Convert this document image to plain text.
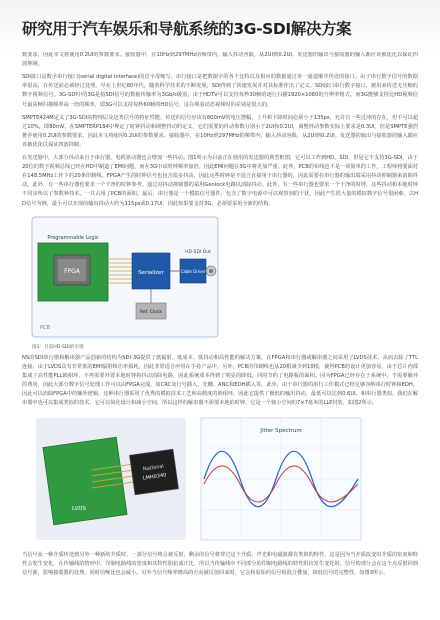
研究用于汽车娱乐和导航系统的3G-SDI解决方案

数要求，因此本文将使用0.2UI的参数要求。接收器中，在10Hz到297MHz的频带内，输入抖动容限，从2UI到0.2UI。发送器的输出与接收器的输入都应该被优化以保证四波抑制。

SDI接口是数字串行接口(serial digital interface)的首字母缩写。串行接口是把数据字的各个比特以及相应的数据通过单一通道顺序传送的接口。由于串行数字信号的数据率很高，在传送前必须经过处理。早在上世纪80年代，随着科学技术的不断发展，SDI得到了快速发展并对其标准作出了定义。SDI接口串行数字接口，被用来传送无压缩的数字视频信号。3G-SDI中的3G是指SDI信号的数据传输率为3Gb/s级别，由于HDTV可以支持每秒30帧的逐行扫描1920×1080的分辨率格式，而3G能够支持比HD视频信号最高帧扫描频率高一倍的频率，即3G可以支持每秒60帧的HD信号，这在观看动态视频时的差别是很大的。

SMPTE424M定义了3G-SDI的物理层及这类信号的特征性能。传送的信号应该有800mV的电压摆幅，上升和下降时间必须小于135ps，允许有一些过冲的存在，但不可以超过10%，即80mV。在SMPTERP184中规定了时钟抖动和调整抖动的定义，它们需要的抖动参数分别小于2UI和0.2UI，调整抖动参数实际上要求是0.3UI，但是SMPTE强烈推荐使用0.2UI的参数要求，因此本文将使用0.2UI的参数要求。接收器中，在10Hz到297MHz的频带内，输入抖动容限，从2UI到0.2UI。发送器的输出与接收器的输入都应该被优化以保证四波抑制。

在发送器中，大部分抖动来自于串行器，电缆驱动器也会增加一些抖动。图1所示为目前正在使用的发送器的典型框图，它可以工作到HD、SDI，但是它不支持3G-SDI。由于20位的数字视频总线已经在HD中制造了EMI问题，而在3G中该时钟频率加倍，因此EMI问题在3G中将更加严重。此外，PCB的布线也不是一项简单的工作，工程师将要面对在148.5MHz工作下的20条印制线。FPGA产生的时钟信号也包含很多抖动，因此这些时钟是不适合直接用于串行器的，因此需要在串行器的输出端采用抖动抑制器来消除抖动。此外，有一些串行器也要求一个干净的时钟参考。通过对抖动抑制器的采用Genlock电路以消除抖动。此外，有一些串行器也要求一个干净的时钟，这些抖动和本地时钟不同步所以了参数种技术，一共占用了PCB的面积。最后，串行器是一个模拟信号器件，包含了数字电源中可以观察到的干扰，因此产生很大量的模拟数字信号很困难。以HD信号为例，最小可以实现的输出抖动大约为115ps或0.17UI，因此如果要支持3G，必须要采用全新的结构。

FPGA
Programmable Logic
Serializer
Ref. Clock
Cable Driver
HD-SDI Out
PCB
图1：目前HD-SDI的实现

NS的SDI串行器和解串器产品创新的结构为SDI-3G提供了低辐射、低成本、低抖动和高性能的解决方案，在FPGA和串行器或解串器之间采用了LVDS技术，从而去除了TTL连接。由于LVDS具有非常低的EMI辐射和功率损耗，因此非常适合应用在手持产品中。另外，PCB的印刷线也从20根减少到10根，使得PCB的设计更加容易。由于芯片内部集成了高性能PLL锁相环，不再需要外置本地时钟和抖动消除电路，因此系统成本得到了明显的降低，同时节约了电路板的面积。因为FPGA已经存在于系统中，不需要额外的费用，因此大部分数字信号处理工作可以由FPGA完成，如CRC及行号插入、光栅、ANC和EDH插入等。此外，由于串行器的串行工作模式已经足够容纳串行时钟和EDH，因此可以消除FPGA中的额外逻辑。这种串行器采用了优秀的模拟技术工艺和高精度的锁相环，因此它提供了极低的输出抖动，最低可以达到0.6UI。和串行器类似，我们在解串器中也可以集成类似的技术，它可以简化设计和减小空间，所以这样的解串器不需要本地的时钟，它是一个独小空间的7×7毫米的LLP封装，如图2所示。

LVDS
National
LMH0340
Jitter Spectrum

当信号从一种介质传送到另外一种新的介质时，一部分信号将会被反射，剩余的信号将穿过这个介质。声光和电磁波都有类似的特性，这是因为当介质改变时介质的密度和特性会发生变化。在传输线的情形中，印制电路线的宽度和其特性阻抗成正比，所以当传输线中不同部分的印制电路线的特性阻抗发生变化时，信号的部分会在这个点反射回到信号源，影响接收器的处理，同时信噪比也会减小。另外当信号频率增高的方向被反射回来时，它会和原始的信号相混合叠加，降低信号的完整性，如图3所示。
